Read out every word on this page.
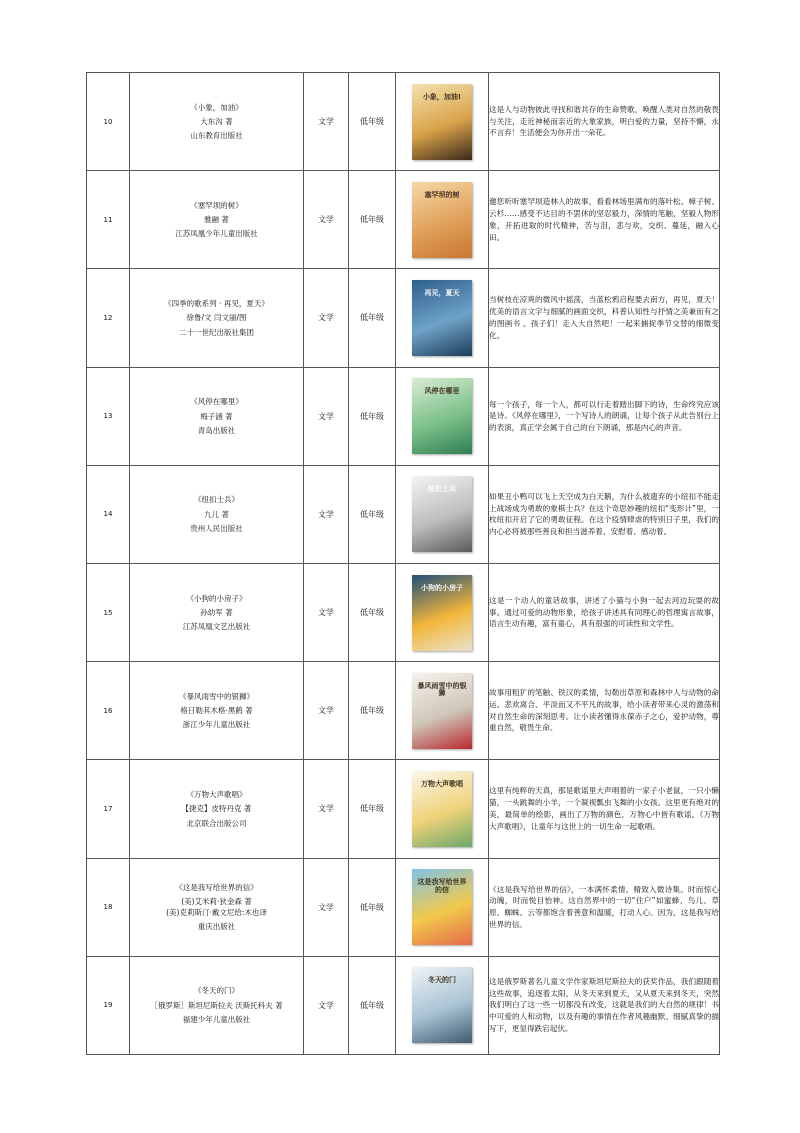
10	《小象，加油》
大东沟 著
山东教育出版社	文学	低年级	小象，加油!	这是人与动物彼此寻找和谐共存的生命赞歌，唤醒人类对自然的敬畏与关注，走近神秘而亲近的大象家族，明白爱的力量，坚持不懈，永不言弃！生活便会为你开出一朵花。
11	《塞罕坝的树》
雅融 著
江苏凤凰少年儿童出版社	文学	低年级	塞罕坝的树	邀您听听塞罕坝造林人的故事，看看林场里满布的落叶松、樟子树、云杉……感受不达目的不罢休的坚忍毅力，深情的笔触，坚毅人物形象，开拓进取的时代精神，苦与泪，悲与欢，交织、蔓延，融入心田。
12	《四季的歌系列 · 再见，夏天》
徐鲁/文 闫文丽/图
二十一世纪出版社集团	文学	低年级	再见，夏天	当树枝在凉爽的微风中摇荡，当蓝松鸦启程要去南方，再见，夏天！优美的语言文字与细腻的画面交织，科普认知性与抒情之美兼而有之的图画书 。孩子们！走入大自然吧！一起来捕捉季节交替的细微变化。
13	《风停在哪里》
梅子涵 著
青岛出版社	文学	低年级	风停在哪里	每一个孩子，每一个人，都可以行走着踏出脚下的诗，生命终究应该是诗。《风停在哪里》，一个写诗人的朗诵，让每个孩子从此告别台上的表演，真正学会属于自己的台下朗诵，那是内心的声音。
14	《纽扣士兵》
九儿 著
贵州人民出版社	文学	低年级	纽扣士兵	如果丑小鸭可以飞上天空成为白天鹅，为什么被遗弃的小纽扣不能走上战场成为勇敢的象棋士兵？在这个奇思妙趣的纽扣“变形计”里，一枚纽扣开启了它的勇敢征程。在这个疫情肆虐的特别日子里，我们的内心必将被那些善良和担当滋养着、安慰着、感动着。
15	《小狗的小房子》
孙幼军 著
江苏凤凰文艺出版社	文学	低年级	小狗的小房子	这是一个动人的童话故事，讲述了小猫与小狗一起去河边玩耍的故事。通过可爱的动物形象，给孩子讲述具有同理心的哲理寓言故事，语言生动有趣，富有童心，具有很强的可读性和文学性。
16	《暴风雨雪中的银狮》
格日勒其木格·黑鹤 著
浙江少年儿童出版社	文学	低年级	暴风雨雪中的银狮	故事用粗犷的笔触、铁汉的柔情，勾勒出草原和森林中人与动物的命运、悲欢离合、平淡而又不平凡的故事，给小读者带来心灵的激荡和对自然生命的深刻思考。让小读者懂得永葆赤子之心，爱护动物，尊重自然，敬畏生命。
17	《万物大声歌唱》
【捷克】皮特丹克 著
北京联合出版公司	文学	低年级	万物大声歌唱	这里有纯粹的天真，那是歌谣里大声唱着的一家子小老鼠，一只小懒猫，一头跳舞的小羊，一个凝视瓢虫飞舞的小女孩。这里更有绝对的美，最简单的绘影，画出了万物的颜色，万物心中皆有歌谣，《万物大声歌唱》，让童年与这世上的一切生命一起歌唱。
18	《这是我写给世界的信》
(美)艾米莉·狄金森 著
(美)克莉斯汀·戴文尼给:木也译
重庆出版社	文学	低年级	这是我写给世界的信	《这是我写给世界的信》，一本满怀柔情、精致入微诗集。时而惊心动魄，时而悦目怡神。这自然界中的一切“住户”如蜜蜂、鸟儿、草原、蜘蛛、云等都饱含着善意和温暖，打动人心。因为，这是我写给世界的信。
19	《冬天的门》
［俄罗斯］斯坦尼斯拉夫 沃斯托科夫 著
福建少年儿童出版社	文学	低年级	冬天的门	这是俄罗斯著名儿童文学作家斯坦尼斯拉夫的获奖作品，我们跟随着这些故事，追逐着太阳，从冬天来到夏天，又从夏天来到冬天，突然我们明白了这一些一切都没有改变，这就是我们的大自然的规律！书中可爱的人和动物，以及有趣的事情在作者风趣幽默、细腻真挚的描写下，更显得跌宕起伏。
